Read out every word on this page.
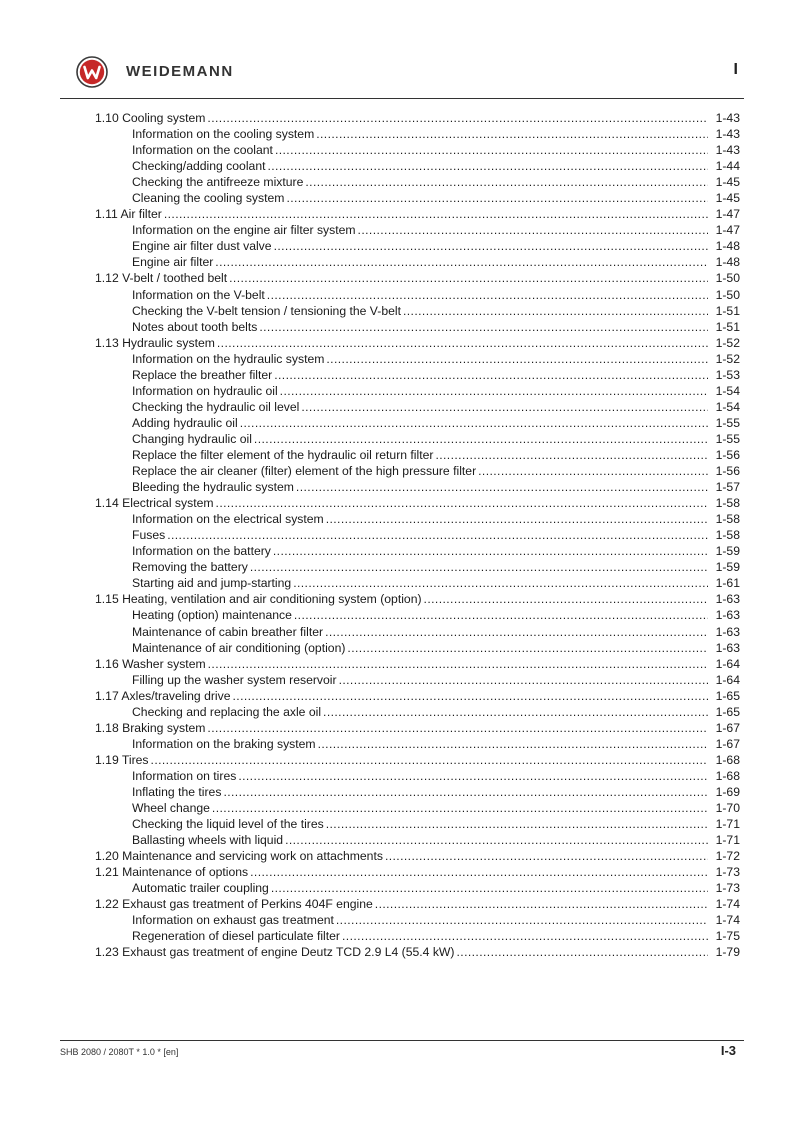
WEIDEMANN	I
1.10 Cooling system .....	1-43
Information on the cooling system .....	1-43
Information on the coolant .....	1-43
Checking/adding coolant .....	1-44
Checking the antifreeze mixture .....	1-45
Cleaning the cooling system .....	1-45
1.11 Air filter .....	1-47
Information on the engine air filter system .....	1-47
Engine air filter dust valve .....	1-48
Engine air filter .....	1-48
1.12 V-belt / toothed belt .....	1-50
Information on the V-belt .....	1-50
Checking the V-belt tension / tensioning the V-belt .....	1-51
Notes about tooth belts .....	1-51
1.13 Hydraulic system .....	1-52
Information on the hydraulic system .....	1-52
Replace the breather filter .....	1-53
Information on hydraulic oil .....	1-54
Checking the hydraulic oil level .....	1-54
Adding hydraulic oil .....	1-55
Changing hydraulic oil .....	1-55
Replace the filter element of the hydraulic oil return filter .....	1-56
Replace the air cleaner (filter) element of the high pressure filter .....	1-56
Bleeding the hydraulic system .....	1-57
1.14 Electrical system .....	1-58
Information on the electrical system .....	1-58
Fuses .....	1-58
Information on the battery .....	1-59
Removing the battery .....	1-59
Starting aid and jump-starting .....	1-61
1.15 Heating, ventilation and air conditioning system (option) .....	1-63
Heating (option) maintenance .....	1-63
Maintenance of cabin breather filter .....	1-63
Maintenance of air conditioning (option) .....	1-63
1.16 Washer system .....	1-64
Filling up the washer system reservoir .....	1-64
1.17 Axles/traveling drive .....	1-65
Checking and replacing the axle oil .....	1-65
1.18 Braking system .....	1-67
Information on the braking system .....	1-67
1.19 Tires .....	1-68
Information on tires .....	1-68
Inflating the tires .....	1-69
Wheel change .....	1-70
Checking the liquid level of the tires .....	1-71
Ballasting wheels with liquid .....	1-71
1.20 Maintenance and servicing work on attachments .....	1-72
1.21 Maintenance of options .....	1-73
Automatic trailer coupling .....	1-73
1.22 Exhaust gas treatment of Perkins 404F engine .....	1-74
Information on exhaust gas treatment .....	1-74
Regeneration of diesel particulate filter .....	1-75
1.23 Exhaust gas treatment of engine Deutz TCD 2.9 L4 (55.4 kW) .....	1-79
SHB 2080 / 2080T * 1.0 * [en]	I-3
